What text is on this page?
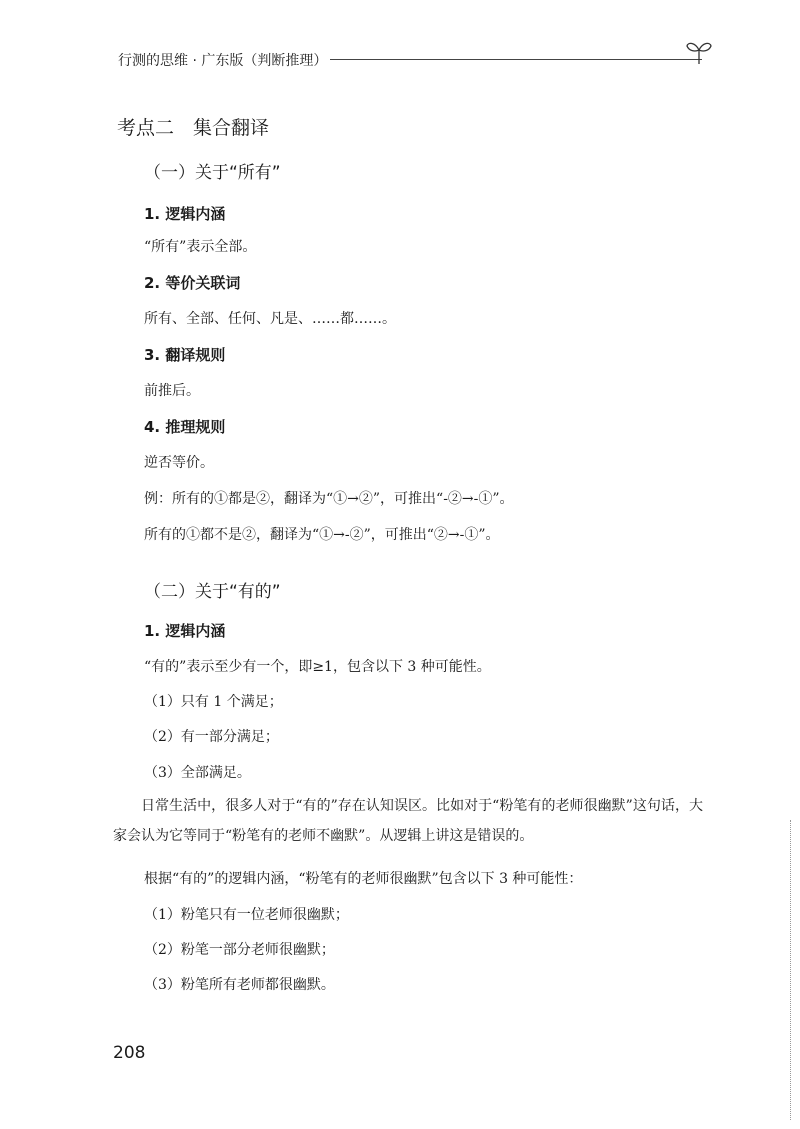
行测的思维 · 广东版（判断推理）
考点二　集合翻译
（一）关于“所有”
1. 逻辑内涵
“所有”表示全部。
2. 等价关联词
所有、全部、任何、凡是、……都……。
3. 翻译规则
前推后。
4. 推理规则
逆否等价。
例：所有的①都是②，翻译为“①→②”，可推出“-②→-①”。
所有的①都不是②，翻译为“①→-②”，可推出“②→-①”。
（二）关于“有的”
1. 逻辑内涵
“有的”表示至少有一个，即≥1，包含以下 3 种可能性。
（1）只有 1 个满足；
（2）有一部分满足；
（3）全部满足。
日常生活中，很多人对于“有的”存在认知误区。比如对于“粉笔有的老师很幽默”这句话，大家会认为它等同于“粉笔有的老师不幽默”。从逻辑上讲这是错误的。
根据“有的”的逻辑内涵，“粉笔有的老师很幽默”包含以下 3 种可能性：
（1）粉笔只有一位老师很幽默；
（2）粉笔一部分老师很幽默；
（3）粉笔所有老师都很幽默。
208
